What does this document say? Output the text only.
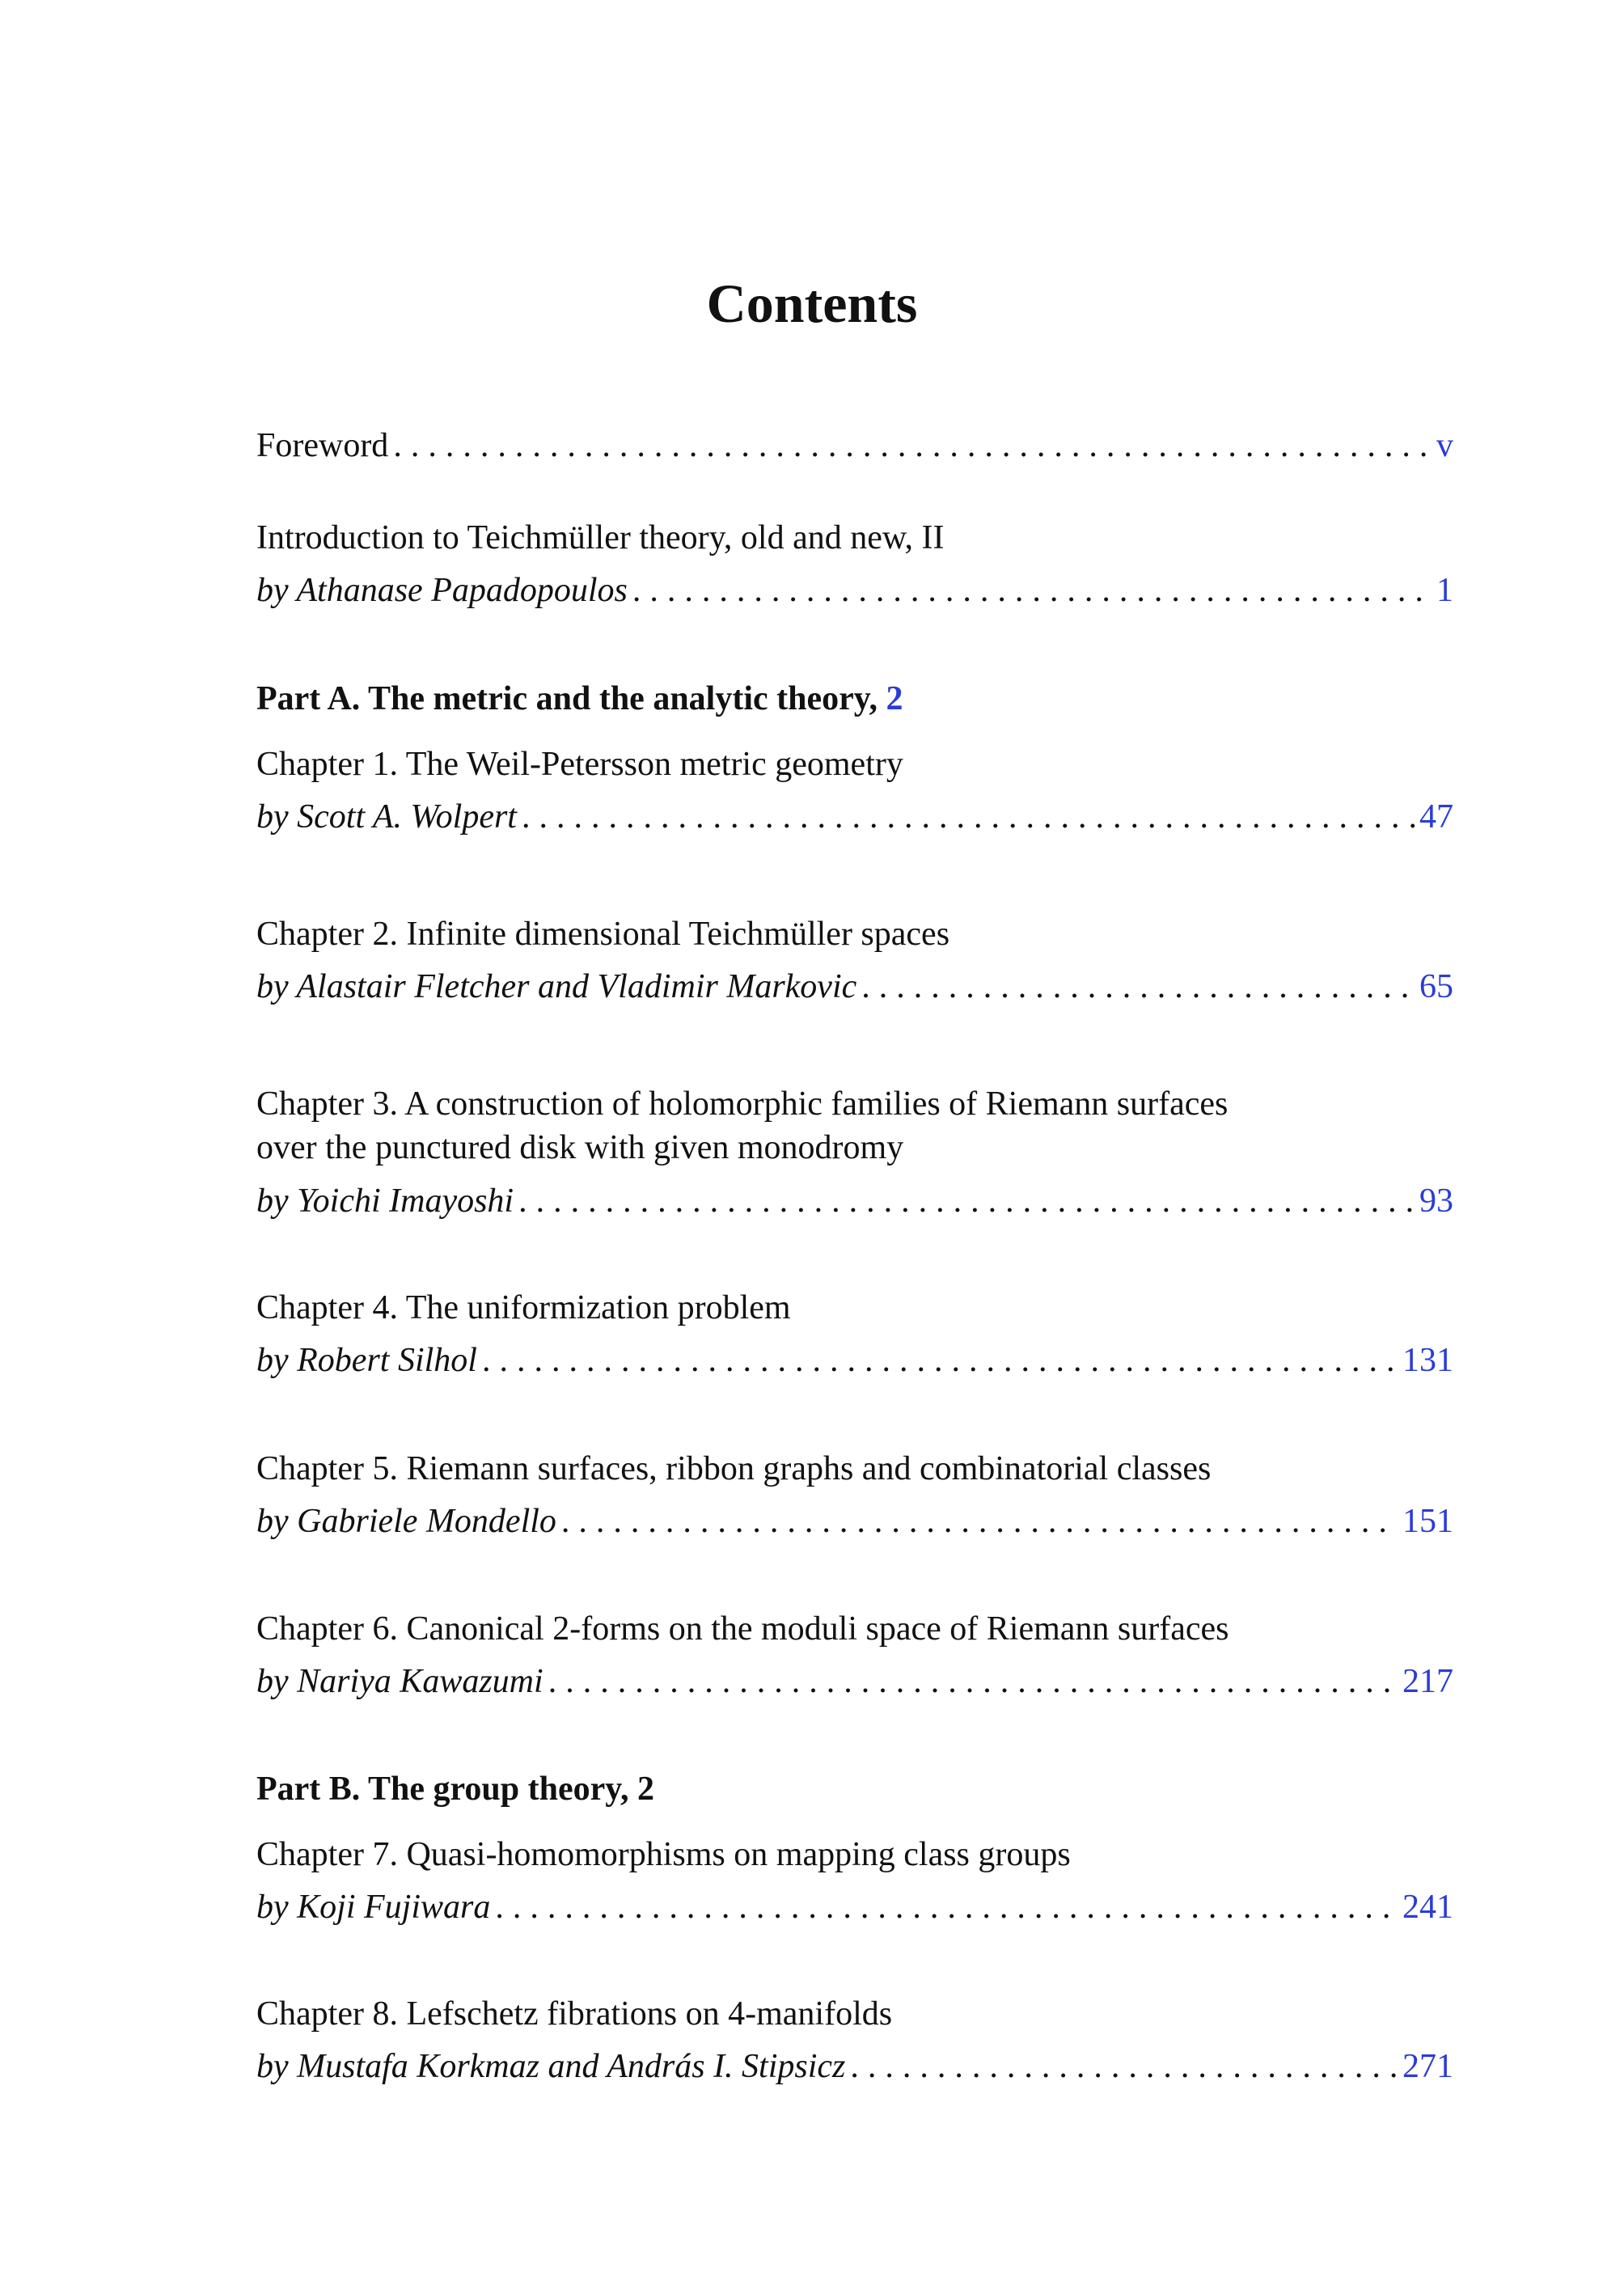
Contents
Foreword .....	v
Introduction to Teichmüller theory, old and new, II
by Athanase Papadopoulos .....	1
Part A. The metric and the analytic theory, 2
Chapter 1. The Weil-Petersson metric geometry
by Scott A. Wolpert .....	47
Chapter 2. Infinite dimensional Teichmüller spaces
by Alastair Fletcher and Vladimir Markovic .....	65
Chapter 3. A construction of holomorphic families of Riemann surfaces
over the punctured disk with given monodromy
by Yoichi Imayoshi .....	93
Chapter 4. The uniformization problem
by Robert Silhol .....	131
Chapter 5. Riemann surfaces, ribbon graphs and combinatorial classes
by Gabriele Mondello .....	151
Chapter 6. Canonical 2-forms on the moduli space of Riemann surfaces
by Nariya Kawazumi .....	217
Part B. The group theory, 2
Chapter 7. Quasi-homomorphisms on mapping class groups
by Koji Fujiwara .....	241
Chapter 8. Lefschetz fibrations on 4-manifolds
by Mustafa Korkmaz and András I. Stipsicz .....	271
